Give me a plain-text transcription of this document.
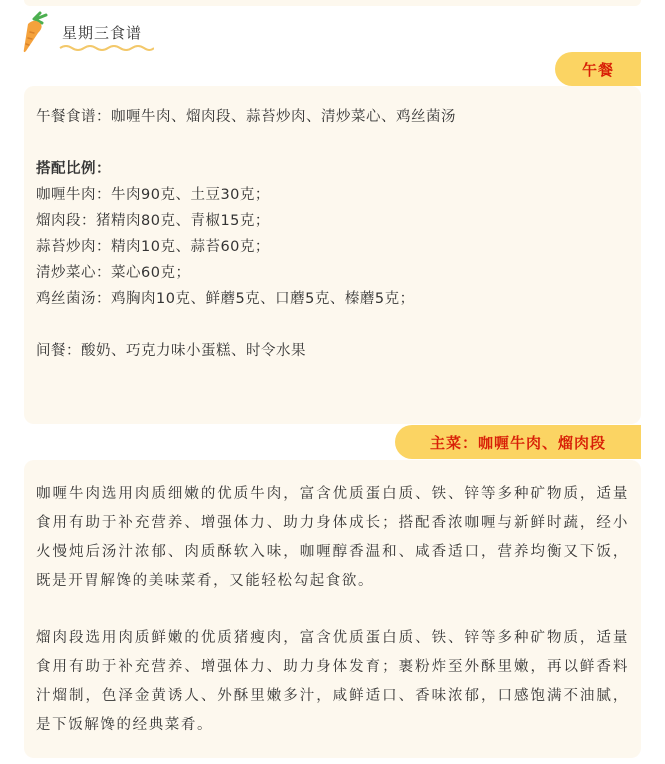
星期三食谱
午餐
午餐食谱：咖喱牛肉、熘肉段、蒜苔炒肉、清炒菜心、鸡丝菌汤
搭配比例：
咖喱牛肉：牛肉90克、土豆30克；
熘肉段：猪精肉80克、青椒15克；
蒜苔炒肉：精肉10克、蒜苔60克；
清炒菜心：菜心60克；
鸡丝菌汤：鸡胸肉10克、鲜蘑5克、口蘑5克、榛蘑5克；
间餐：酸奶、巧克力味小蛋糕、时令水果
主菜：咖喱牛肉、熘肉段

咖喱牛肉选用肉质细嫩的优质牛肉，富含优质蛋白质、铁、锌等多种矿物质，适量食用有助于补充营养、增强体力、助力身体成长；搭配香浓咖喱与新鲜时蔬，经小火慢炖后汤汁浓郁、肉质酥软入味，咖喱醇香温和、咸香适口，营养均衡又下饭，既是开胃解馋的美味菜肴，又能轻松勾起食欲。

熘肉段选用肉质鲜嫩的优质猪瘦肉，富含优质蛋白质、铁、锌等多种矿物质，适量食用有助于补充营养、增强体力、助力身体发育；裹粉炸至外酥里嫩，再以鲜香料汁熘制，色泽金黄诱人、外酥里嫩多汁，咸鲜适口、香味浓郁，口感饱满不油腻，是下饭解馋的经典菜肴。
